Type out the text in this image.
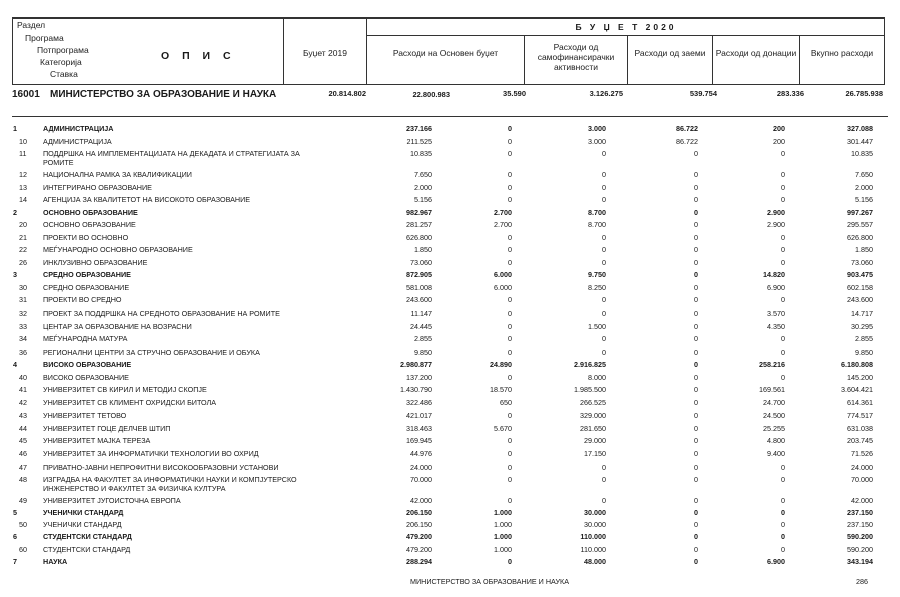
Раздел
Програма
Потпрограма
Категорија
Ставка
О П И С	Буџет 2019
Б У Џ Е Т 2020
Расходи на Основен буџет
Расходи од самофинансирачки активности
Расходи од заеми	Расходи од донации	Вкупно расходи
16001 МИНИСТЕРСТВО ЗА ОБРАЗОВАНИЕ И НАУКА	20.814.802	22.800.983	35.590	3.126.275	539.754	283.336	26.785.938
1	АДМИНИСТРАЦИЈА	237.166	0	3.000	86.722	200	327.088
10 АДМИНИСТРАЦИЈА	211.525	0	3.000	86.722	200	301.447
11 ПОДДРШКА НА ИМПЛЕМЕНТАЦИЈАТА НА ДЕКАДАТА И СТРАТЕГИЈАТА ЗА РОМИТЕ
10.835	0	0	0	0	10.835
12 НАЦИОНАЛНА РАМКА ЗА КВАЛИФИКАЦИИ	7.650	0	0	0	0	7.650
13 ИНТЕГРИРАНО ОБРАЗОВАНИЕ	2.000	0	0	0	0	2.000
14 АГЕНЦИЈА ЗА КВАЛИТЕТОТ НА ВИСОКОТО ОБРАЗОВАНИЕ	5.156	0	0	0	0	5.156
2	ОСНОВНО ОБРАЗОВАНИЕ	982.967	2.700	8.700	0	2.900	997.267
20 ОСНОВНО ОБРАЗОВАНИЕ	281.257	2.700	8.700	0	2.900	295.557
21 ПРОЕКТИ ВО ОСНОВНО	626.800	0	0	0	0	626.800
22 МЕЃУНАРОДНО ОСНОВНО ОБРАЗОВАНИЕ	1.850	0	0	0	0	1.850
26 ИНКЛУЗИВНО ОБРАЗОВАНИЕ	73.060	0	0	0	0	73.060
3	СРЕДНО ОБРАЗОВАНИЕ	872.905	6.000	9.750	0	14.820	903.475
30 СРЕДНО ОБРАЗОВАНИЕ	581.008	6.000	8.250	0	6.900	602.158
31 ПРОЕКТИ ВО СРЕДНО	243.600	0	0	0	0	243.600
32 ПРОЕКТ ЗА ПОДДРШКА НА СРЕДНОТО ОБРАЗОВАНИЕ НА РОМИТЕ	11.147	0	0	0	3.570	14.717
33 ЦЕНТАР ЗА ОБРАЗОВАНИЕ НА ВОЗРАСНИ	24.445	0	1.500	0	4.350	30.295
34 МЕЃУНАРОДНА МАТУРА	2.855	0	0	0	0	2.855
36 РЕГИОНАЛНИ ЦЕНТРИ ЗА СТРУЧНО ОБРАЗОВАНИЕ И ОБУКА	9.850	0	0	0	0	9.850
4	ВИСОКО ОБРАЗОВАНИЕ	2.980.877	24.890	2.916.825	0	258.216	6.180.808
40 ВИСОКО ОБРАЗОВАНИЕ	137.200	0	8.000	0	0	145.200
41 УНИВЕРЗИТЕТ СВ КИРИЛ И МЕТОДИЈ СКОПЈЕ	1.430.790	18.570	1.985.500	0	169.561	3.604.421
42 УНИВЕРЗИТЕТ СВ КЛИМЕНТ ОХРИДСКИ БИТОЛА	322.486	650	266.525	0	24.700	614.361
43 УНИВЕРЗИТЕТ ТЕТОВО	421.017	0	329.000	0	24.500	774.517
44 УНИВЕРЗИТЕТ ГОЦЕ ДЕЛЧЕВ ШТИП	318.463	5.670	281.650	0	25.255	631.038
45 УНИВЕРЗИТЕТ МАЈКА ТЕРЕЗА	169.945	0	29.000	0	4.800	203.745
46 УНИВЕРЗИТЕТ ЗА ИНФОРМАТИЧКИ ТЕХНОЛОГИИ ВО ОХРИД	44.976	0	17.150	0	9.400	71.526
47 ПРИВАТНО-ЈАВНИ НЕПРОФИТНИ ВИСОКООБРАЗОВНИ УСТАНОВИ	24.000	0	0	0	0	24.000
48 ИЗГРАДБА НА ФАКУЛТЕТ ЗА ИНФОРМАТИЧКИ НАУКИ И КОМПЈУТЕРСКО ИНЖЕНЕРСТВО И ФАКУЛТЕТ ЗА ФИЗИЧКА КУЛТУРА
70.000	0	0	0	0	70.000
49 УНИВЕРЗИТЕТ ЈУГОИСТОЧНА ЕВРОПА	42.000	0	0	0	0	42.000
5	УЧЕНИЧКИ СТАНДАРД	206.150	1.000	30.000	0	0	237.150
50 УЧЕНИЧКИ СТАНДАРД	206.150	1.000	30.000	0	0	237.150
6	СТУДЕНТСКИ СТАНДАРД	479.200	1.000	110.000	0	0	590.200
60 СТУДЕНТСКИ СТАНДАРД	479.200	1.000	110.000	0	0	590.200
7	НАУКА	288.294	0	48.000	0	6.900	343.194
МИНИСТЕРСТВО ЗА ОБРАЗОВАНИЕ И НАУКА	286
